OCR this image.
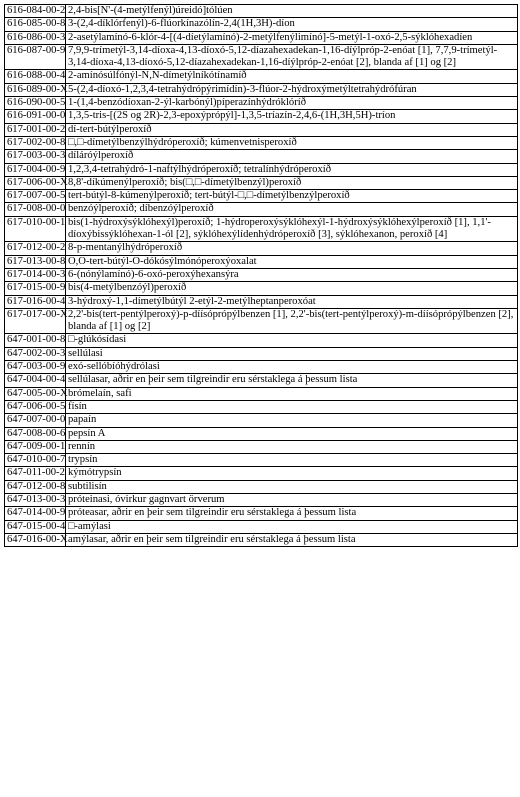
616-084-00-2	2,4-bis[N'-(4-metýlfenýl)úreidó]tólúen
616-085-00-8	3-(2,4-díklórfenýl)-6-flúorkínazólín-2,4(1H,3H)-díon
616-086-00-3	2-asetýlamínó-6-klór-4-[(4-díetýlamínó)-2-metýlfenýlimínó]-5-metýl-1-oxó-2,5-sýklóhexadíen
616-087-00-9	7,9,9-trímetýl-3,14-díoxa-4,13-díoxó-5,12-díazahexadekan-1,16-díýlpróp-2-enóat [1], 7,7,9-trímetýl-3,14-díoxa-4,13-díoxó-5,12-díazahexadekan-1,16-díýlpróp-2-enóat [2], blanda af [1] og [2]
616-088-00-4	2-amínósúlfónýl-N,N-dímetýlníkótínamíð
616-089-00-X	5-(2,4-díoxó-1,2,3,4-tetrahýdrópýrimídín)-3-flúor-2-hýdroxýmetýltetrahýdrófúran
616-090-00-5	1-(1,4-benzódíoxan-2-ýl-karbónýl)píperazínhýdróklóríð
616-091-00-0	1,3,5-tris-[(2S og 2R)-2,3-epoxýprópýl]-1,3,5-tríazín-2,4,6-(1H,3H,5H)-tríon
617-001-00-2	dí-tert-bútýlperoxíð
617-002-00-8	□,□-dímetýlbenzýlhýdróperoxíð; kúmenvetnisperoxíð
617-003-00-3	díláróýlperoxíð
617-004-00-9	1,2,3,4-tetrahýdró-1-naftýlhýdróperoxíð; tetralínhýdróperoxíð
617-006-00-X	8,8'-díkúmenýlperoxíð; bis(□,□-dímetýlbenzýl)peroxíð
617-007-00-5	tert-bútýl-8-kúmenýlperoxíð; tert-bútýl-□,□-dímetýlbenzýlperoxíð
617-008-00-0	benzóýlperoxíð; díbenzóýlperoxíð
617-010-00-1	bis(1-hýdroxýsýklóhexýl)peroxíð; 1-hýdroperoxýsýklóhexýl-1-hýdroxýsýklóhexýlperoxíð [1], 1,1'-díoxýbissýklóhexan-1-ól [2], sýklóhexýlídenhýdróperoxíð [3], sýklóhexanon, peroxíð [4]
617-012-00-2	8-p-mentanýlhýdróperoxíð
617-013-00-8	O,O-tert-bútýl-O-dókósýlmónóperoxýoxalat
617-014-00-3	6-(nónýlamínó)-6-oxó-peroxýhexansýra
617-015-00-9	bis(4-metýlbenzóýl)peroxíð
617-016-00-4	3-hýdroxý-1,1-dímetýlbútýl 2-etýl-2-metýlheptanperoxóat
617-017-00-X	2,2'-bis(tert-pentýlperoxý)-p-díísóprópýlbenzen [1], 2,2'-bis(tert-pentýlperoxý)-m-díísóprópýlbenzen [2], blanda af [1] og [2]
647-001-00-8	□-glúkósídasi
647-002-00-3	sellúlasi
647-003-00-9	exó-sellóbíóhýdrólasi
647-004-00-4	sellúlasar, aðrir en þeir sem tilgreindir eru sérstaklega á þessum lista
647-005-00-X	brómelaín, safi
647-006-00-5	físín
647-007-00-0	papaín
647-008-00-6	pepsín A
647-009-00-1	rennín
647-010-00-7	trypsín
647-011-00-2	kýmótrypsín
647-012-00-8	subtilisín
647-013-00-3	próteinasi, óvirkur gagnvart örverum
647-014-00-9	próteasar, aðrir en þeir sem tilgreindir eru sérstaklega á þessum lista
647-015-00-4	□-amýlasi
647-016-00-X	amýlasar, aðrir en þeir sem tilgreindir eru sérstaklega á þessum lista
